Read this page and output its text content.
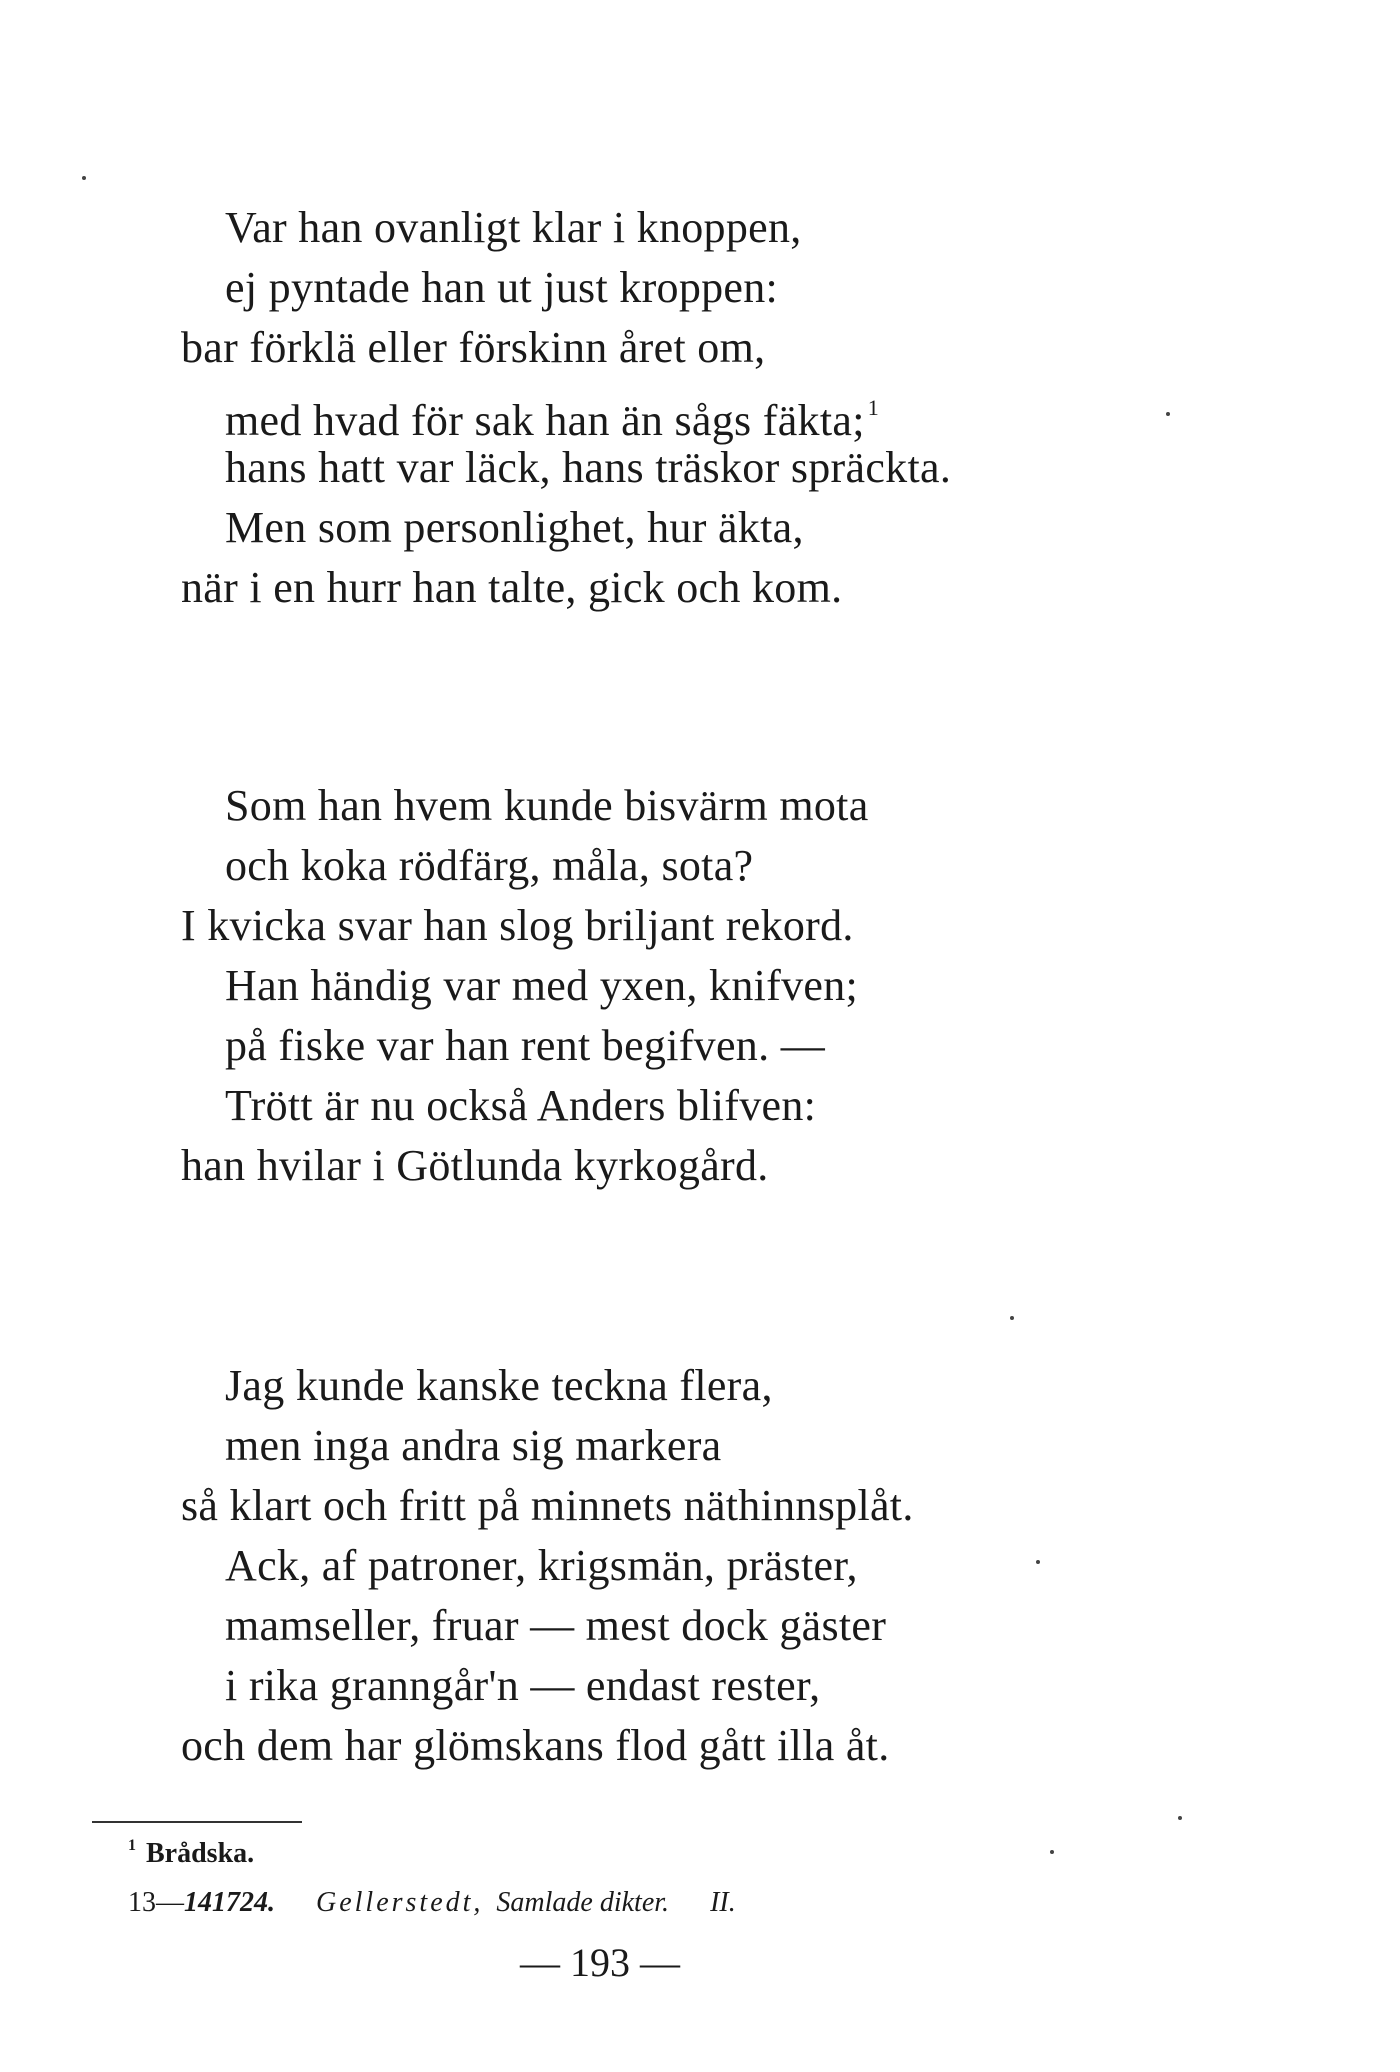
Var han ovanligt klar i knoppen,
ej pyntade han ut just kroppen:
bar förklä eller förskinn året om,
med hvad för sak han än sågs fäkta; $^1$
hans hatt var läck, hans träskor spräckta.
Men som personlighet, hur äkta,
när i en hurr han talte, gick och kom.
Som han hvem kunde bisvärm mota
och koka rödfärg, måla, sota?
I kvicka svar han slog briljant rekord.
Han händig var med yxen, knifven;
på fiske var han rent begifven. —
Trött är nu också Anders blifven:
han hvilar i Götlunda kyrkogård.
Jag kunde kanske teckna flera,
men inga andra sig markera
så klart och fritt på minnets näthinnsplåt.
Ack, af patroner, krigsmän, präster,
mamseller, fruar — mest dock gäster
i rika granngår'n — endast rester,
och dem har glömskans flod gått illa åt.
$^1$ Brådska.
13—141724. Gellerstedt, Samlade dikter. II.
— 193 —
